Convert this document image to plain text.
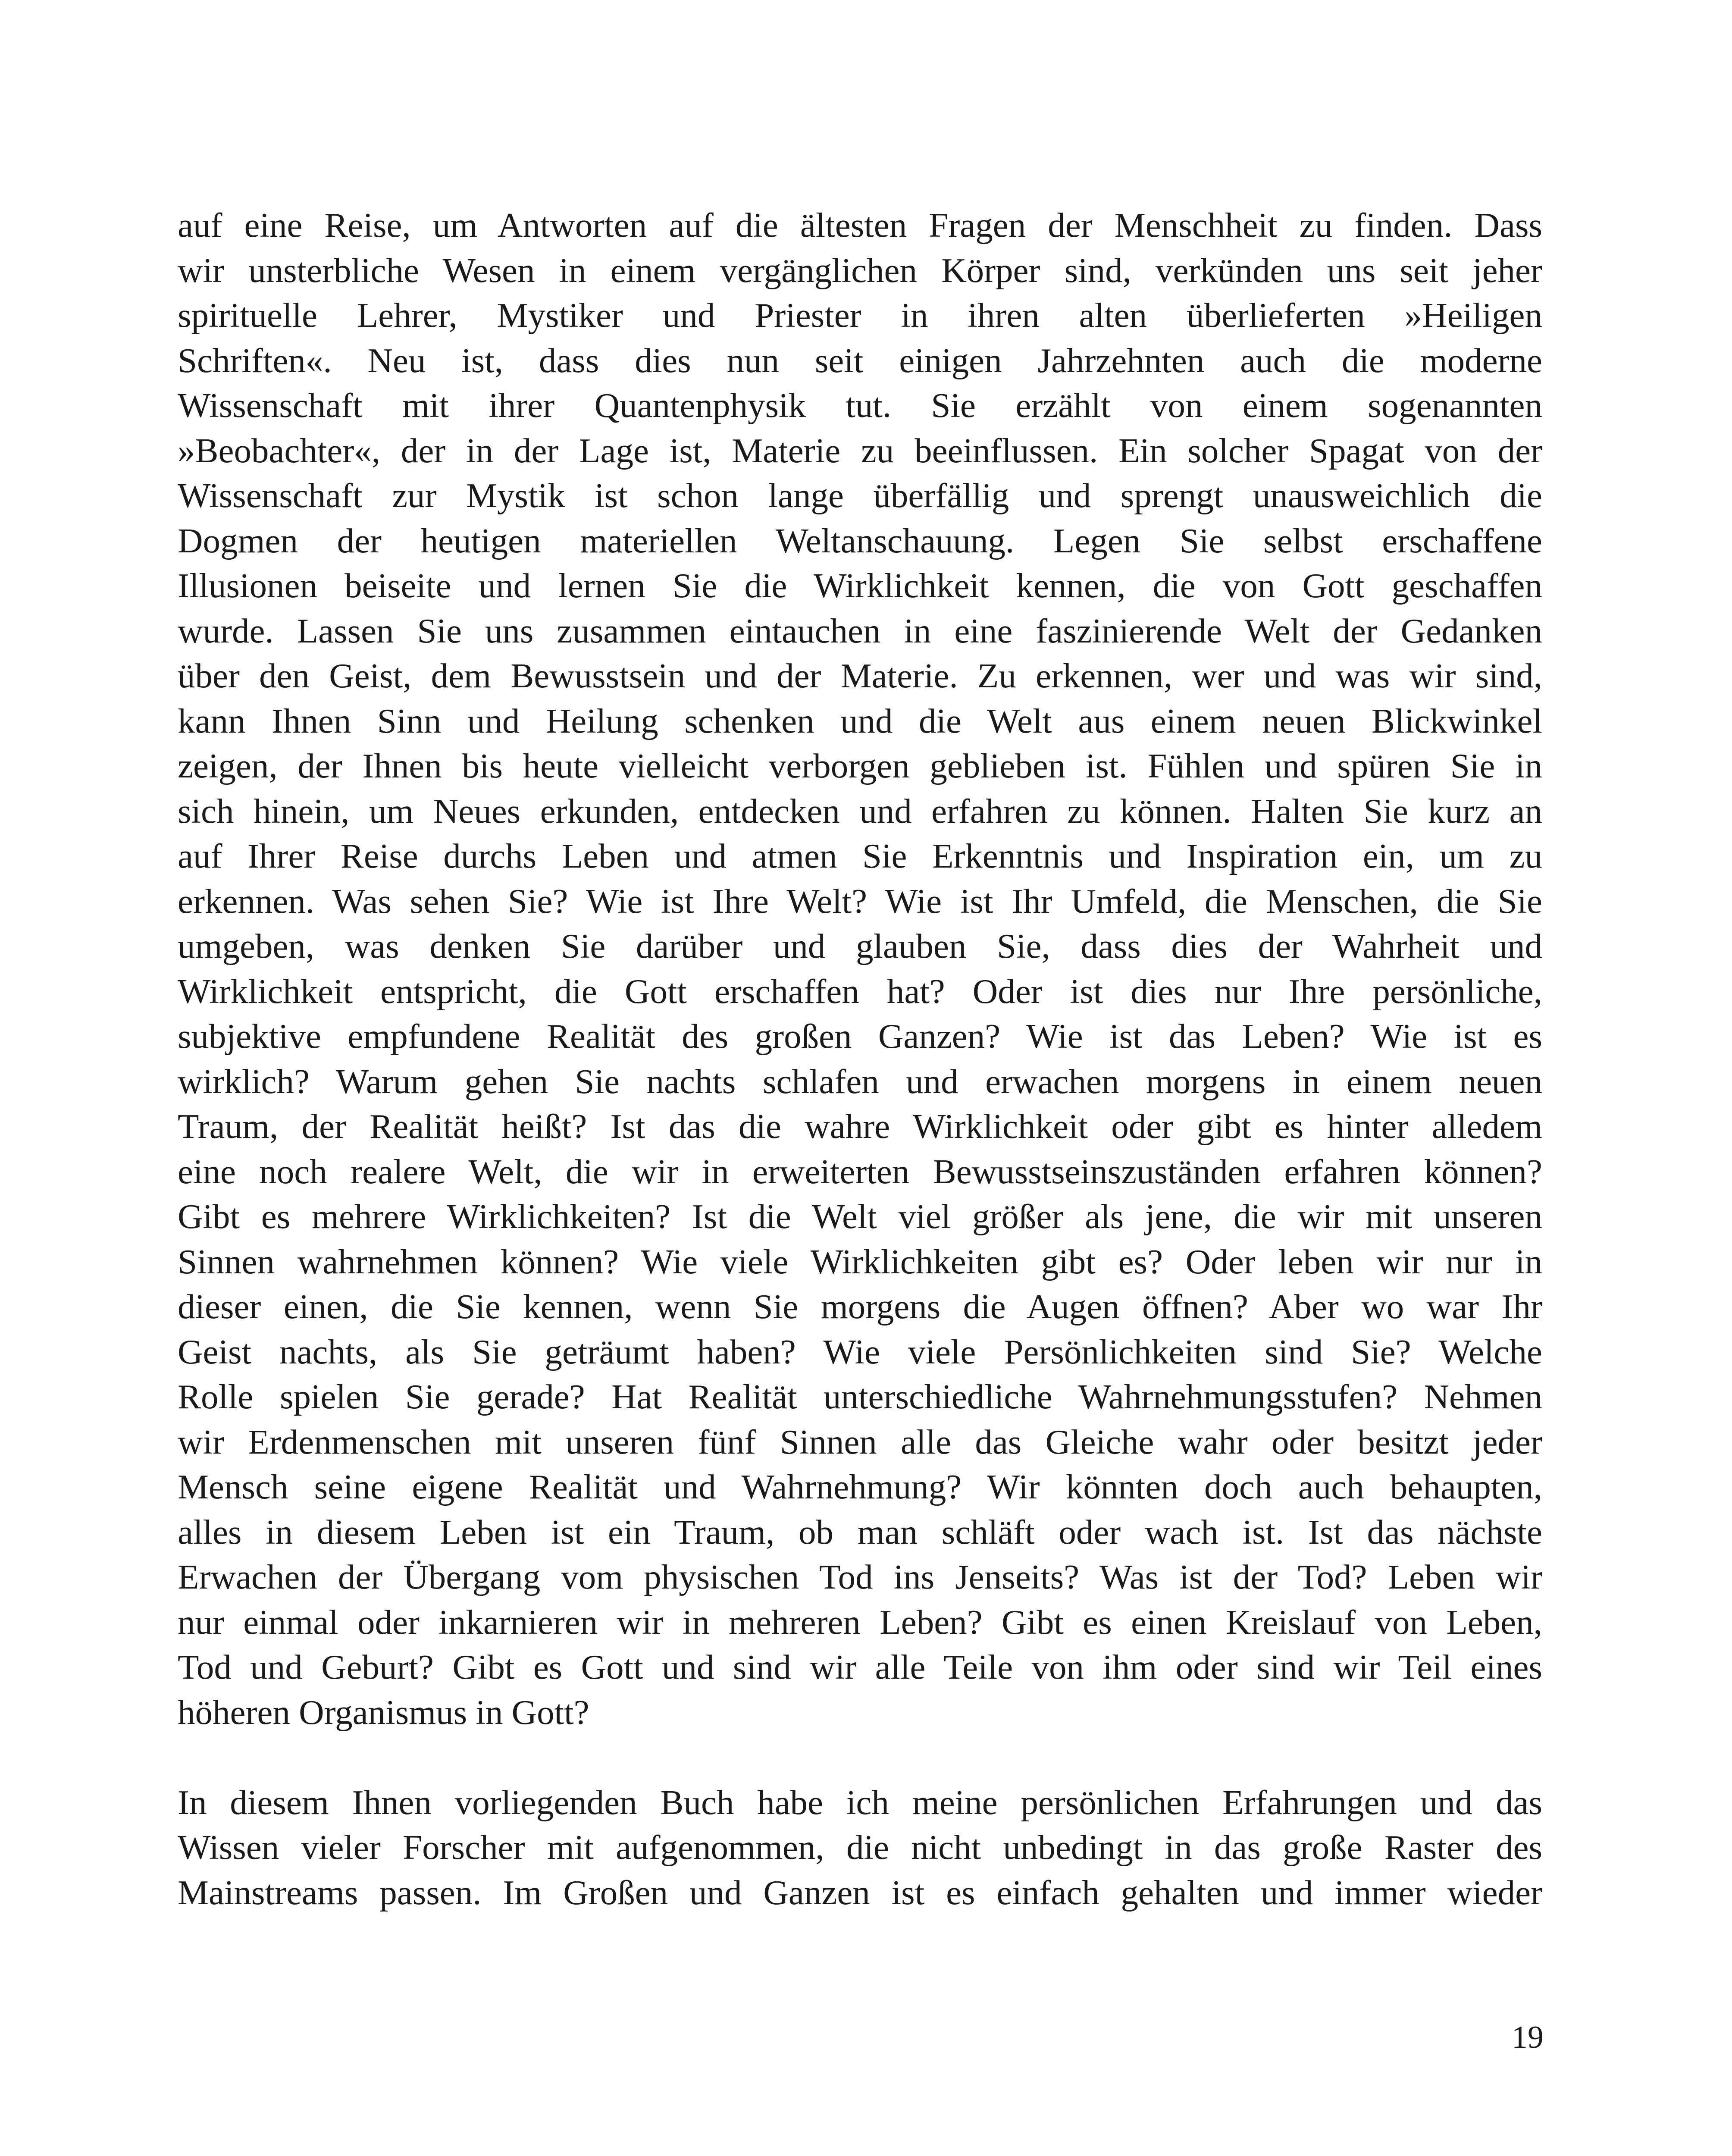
auf eine Reise, um Antworten auf die ältesten Fragen der Menschheit zu finden. Dass
wir unsterbliche Wesen in einem vergänglichen Körper sind, verkünden uns seit jeher
spirituelle Lehrer, Mystiker und Priester in ihren alten überlieferten »Heiligen
Schriften«. Neu ist, dass dies nun seit einigen Jahrzehnten auch die moderne
Wissenschaft mit ihrer Quantenphysik tut. Sie erzählt von einem sogenannten
»Beobachter«, der in der Lage ist, Materie zu beeinflussen. Ein solcher Spagat von der
Wissenschaft zur Mystik ist schon lange überfällig und sprengt unausweichlich die
Dogmen der heutigen materiellen Weltanschauung. Legen Sie selbst erschaffene
Illusionen beiseite und lernen Sie die Wirklichkeit kennen, die von Gott geschaffen
wurde. Lassen Sie uns zusammen eintauchen in eine faszinierende Welt der Gedanken
über den Geist, dem Bewusstsein und der Materie. Zu erkennen, wer und was wir sind,
kann Ihnen Sinn und Heilung schenken und die Welt aus einem neuen Blickwinkel
zeigen, der Ihnen bis heute vielleicht verborgen geblieben ist. Fühlen und spüren Sie in
sich hinein, um Neues erkunden, entdecken und erfahren zu können. Halten Sie kurz an
auf Ihrer Reise durchs Leben und atmen Sie Erkenntnis und Inspiration ein, um zu
erkennen. Was sehen Sie? Wie ist Ihre Welt? Wie ist Ihr Umfeld, die Menschen, die Sie
umgeben, was denken Sie darüber und glauben Sie, dass dies der Wahrheit und
Wirklichkeit entspricht, die Gott erschaffen hat? Oder ist dies nur Ihre persönliche,
subjektive empfundene Realität des großen Ganzen? Wie ist das Leben? Wie ist es
wirklich? Warum gehen Sie nachts schlafen und erwachen morgens in einem neuen
Traum, der Realität heißt? Ist das die wahre Wirklichkeit oder gibt es hinter alledem
eine noch realere Welt, die wir in erweiterten Bewusstseinszuständen erfahren können?
Gibt es mehrere Wirklichkeiten? Ist die Welt viel größer als jene, die wir mit unseren
Sinnen wahrnehmen können? Wie viele Wirklichkeiten gibt es? Oder leben wir nur in
dieser einen, die Sie kennen, wenn Sie morgens die Augen öffnen? Aber wo war Ihr
Geist nachts, als Sie geträumt haben? Wie viele Persönlichkeiten sind Sie? Welche
Rolle spielen Sie gerade? Hat Realität unterschiedliche Wahrnehmungsstufen? Nehmen
wir Erdenmenschen mit unseren fünf Sinnen alle das Gleiche wahr oder besitzt jeder
Mensch seine eigene Realität und Wahrnehmung? Wir könnten doch auch behaupten,
alles in diesem Leben ist ein Traum, ob man schläft oder wach ist. Ist das nächste
Erwachen der Übergang vom physischen Tod ins Jenseits? Was ist der Tod? Leben wir
nur einmal oder inkarnieren wir in mehreren Leben? Gibt es einen Kreislauf von Leben,
Tod und Geburt? Gibt es Gott und sind wir alle Teile von ihm oder sind wir Teil eines
höheren Organismus in Gott?

In diesem Ihnen vorliegenden Buch habe ich meine persönlichen Erfahrungen und das
Wissen vieler Forscher mit aufgenommen, die nicht unbedingt in das große Raster des
Mainstreams passen. Im Großen und Ganzen ist es einfach gehalten und immer wieder

19
